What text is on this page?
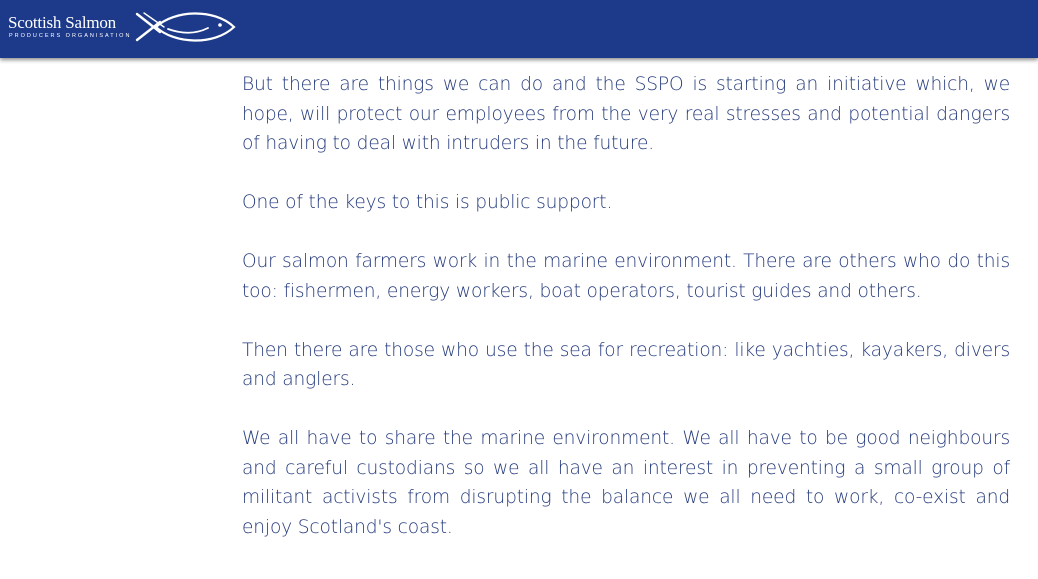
Scottish Salmon
PRODUCERS ORGANISATION

But there are things we can do and the SSPO is starting an initiative which, we hope, will protect our employees from the very real stresses and potential dangers of having to deal with intruders in the future.

One of the keys to this is public support.

Our salmon farmers work in the marine environment. There are others who do this too: fishermen, energy workers, boat operators, tourist guides and others.

Then there are those who use the sea for recreation: like yachties, kayakers, divers and anglers.

We all have to share the marine environment. We all have to be good neighbours and careful custodians so we all have an interest in preventing a small group of militant activists from disrupting the balance we all need to work, co-exist and enjoy Scotland's coast.
